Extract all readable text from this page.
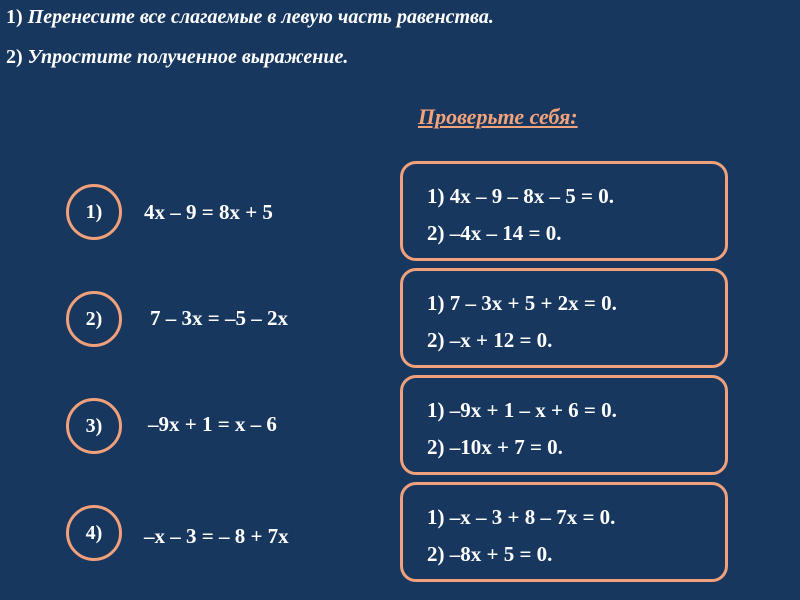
1) Перенесите все слагаемые в левую часть равенства.
2) Упростите полученное выражение.
Проверьте себя:
1) 4x – 9 = 8x + 5
2) 7 – 3x = –5 – 2x
3) –9x + 1 = x – 6
4) –x – 3 = – 8 + 7x
1) 4x – 9 – 8x – 5 = 0.
2) –4x – 14 = 0.
1) 7 – 3x + 5 + 2x = 0.
2) –x + 12 = 0.
1) –9x + 1 – x + 6 = 0.
2) –10x + 7 = 0.
1) –x – 3 + 8 – 7x = 0.
2) –8x + 5 = 0.
